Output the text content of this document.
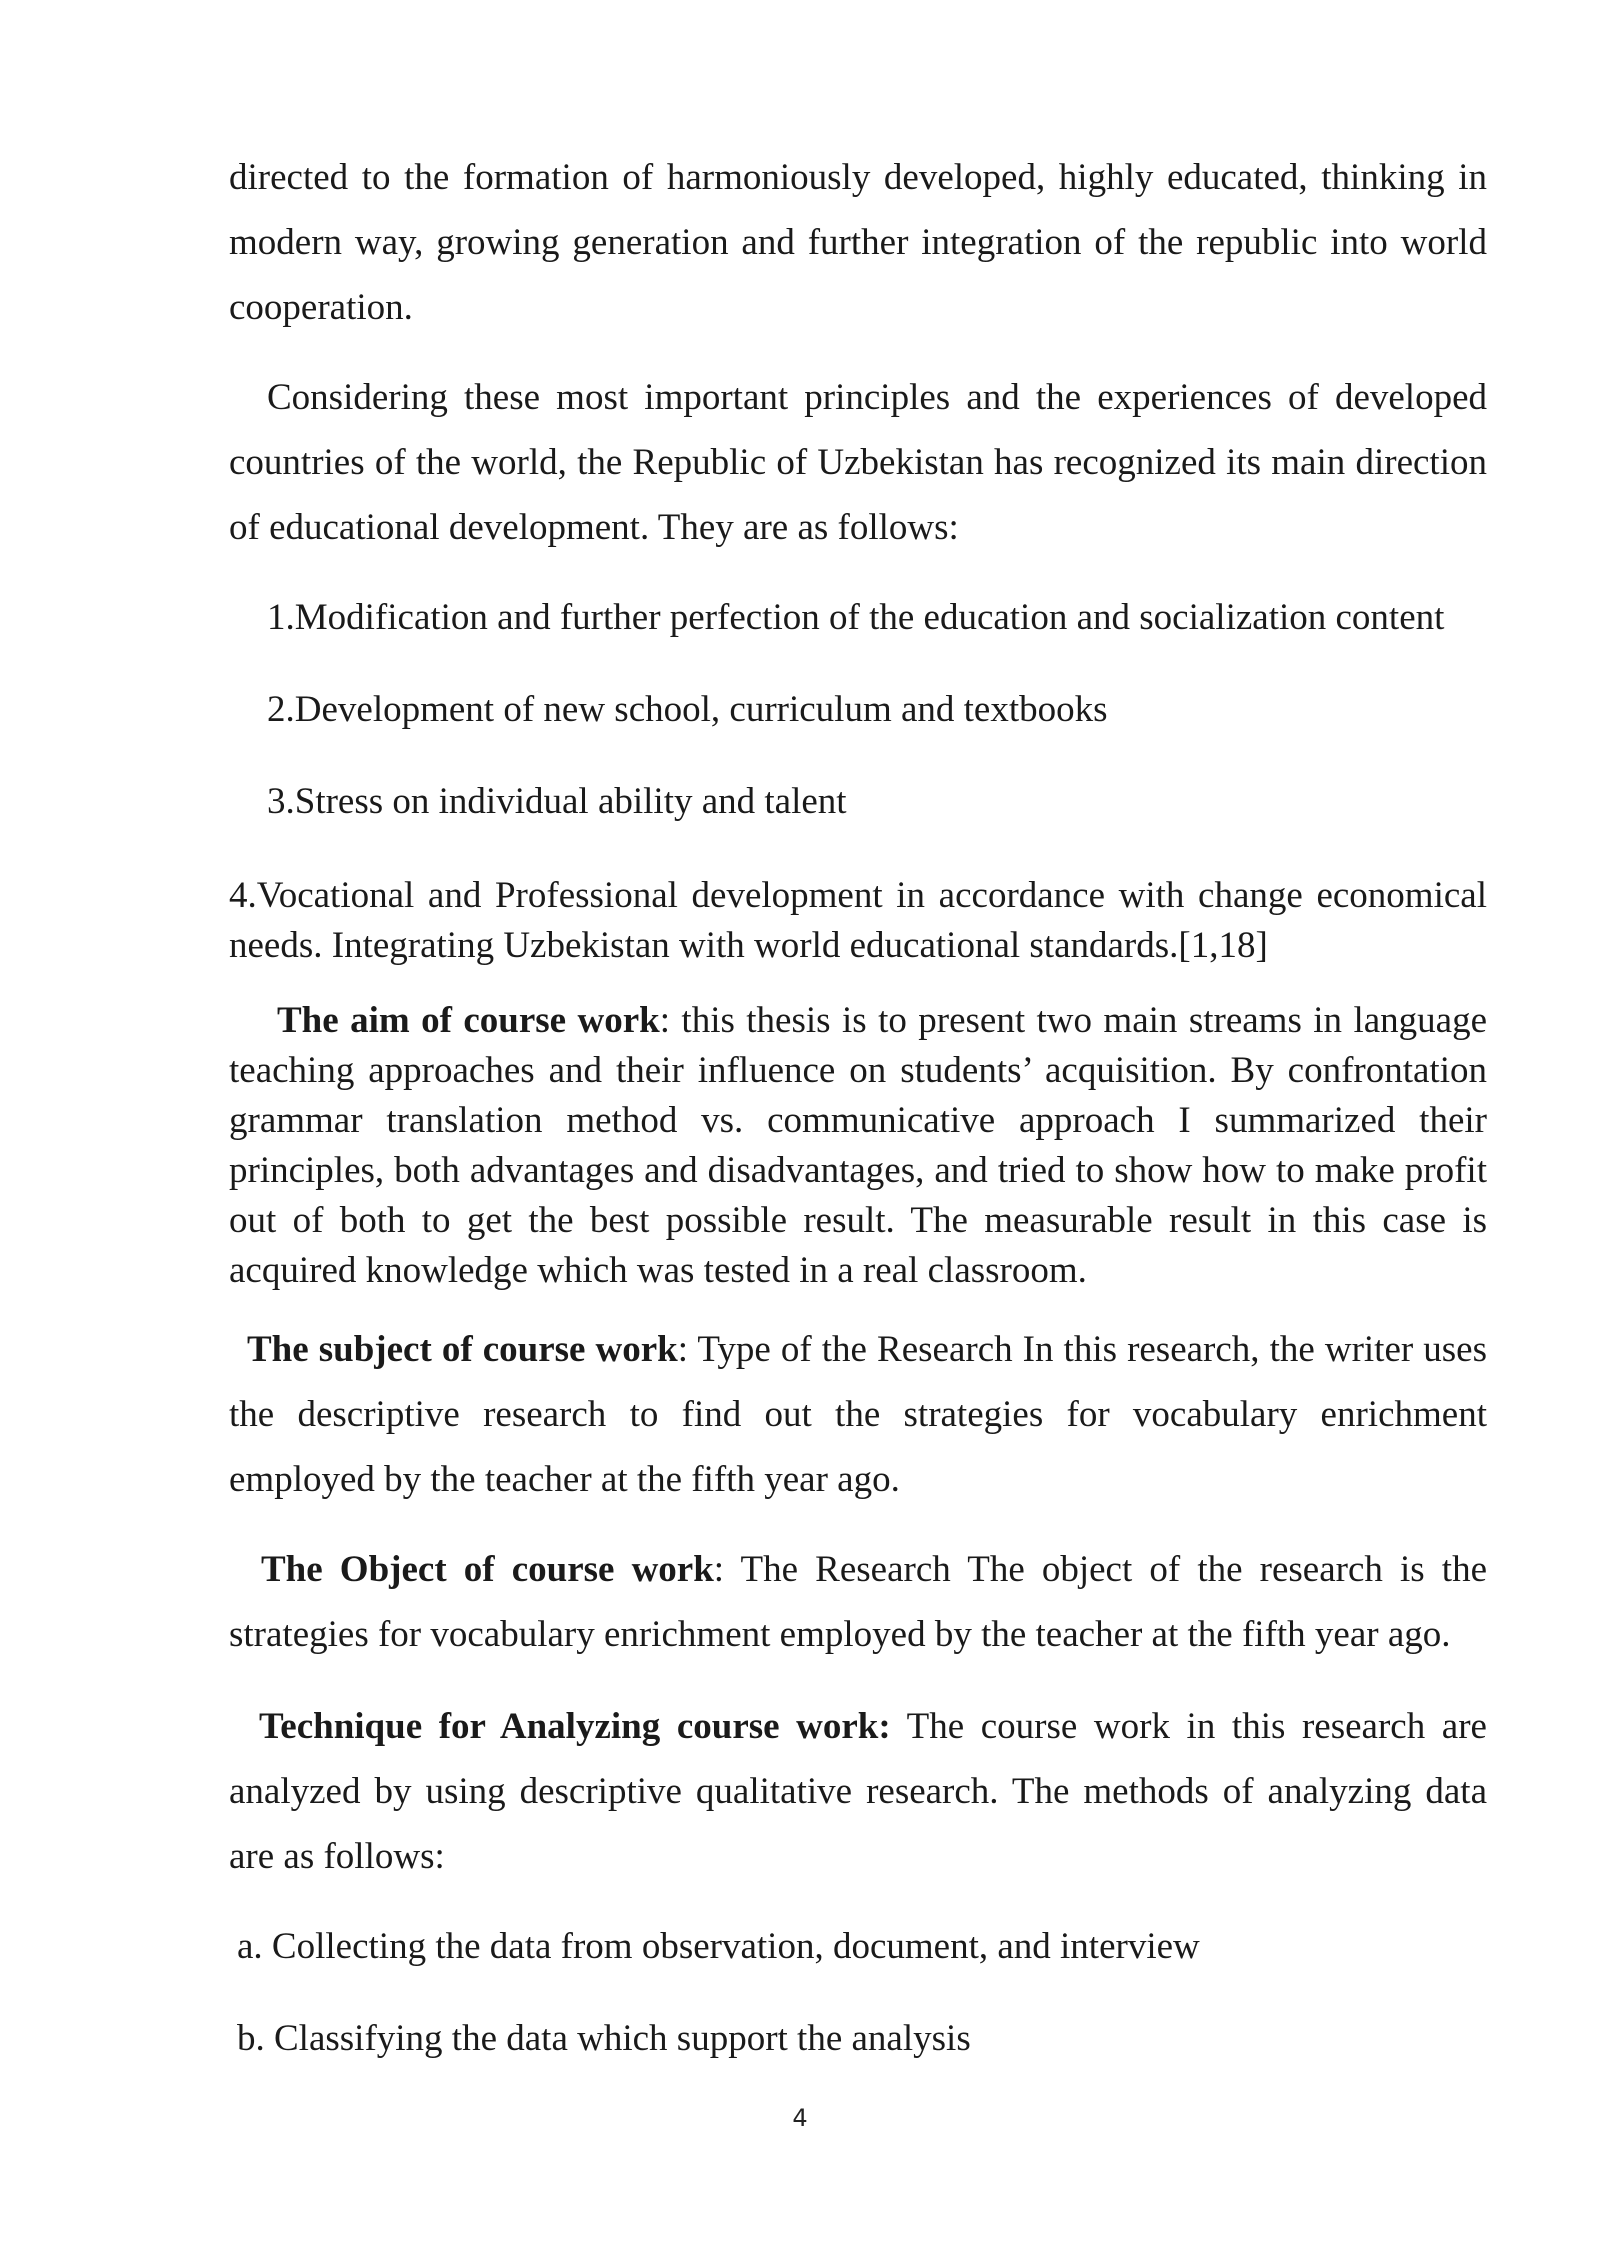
directed to the formation of harmoniously developed, highly educated, thinking in modern way, growing generation and further integration of the republic into world cooperation.

Considering these most important principles and the experiences of developed countries of the world, the Republic of Uzbekistan has recognized its main direction of educational development. They are as follows:

1.Modification and further perfection of the education and socialization content

2.Development of new school, curriculum and textbooks

3.Stress on individual ability and talent

4.Vocational and Professional development in accordance with change economical needs. Integrating Uzbekistan with world educational standards.[1,18]

The aim of course work: this thesis is to present two main streams in language teaching approaches and their influence on students’ acquisition. By confrontation grammar translation method vs. communicative approach I summarized their principles, both advantages and disadvantages, and tried to show how to make profit out of both to get the best possible result. The measurable result in this case is acquired knowledge which was tested in a real classroom.

The subject of course work: Type of the Research In this research, the writer uses the descriptive research to find out the strategies for vocabulary enrichment employed by the teacher at the fifth year ago.

The Object of course work: The Research The object of the research is the strategies for vocabulary enrichment employed by the teacher at the fifth year ago.

Technique for Analyzing course work: The course work in this research are analyzed by using descriptive qualitative research. The methods of analyzing data are as follows:

a. Collecting the data from observation, document, and interview

b. Classifying the data which support the analysis

4
